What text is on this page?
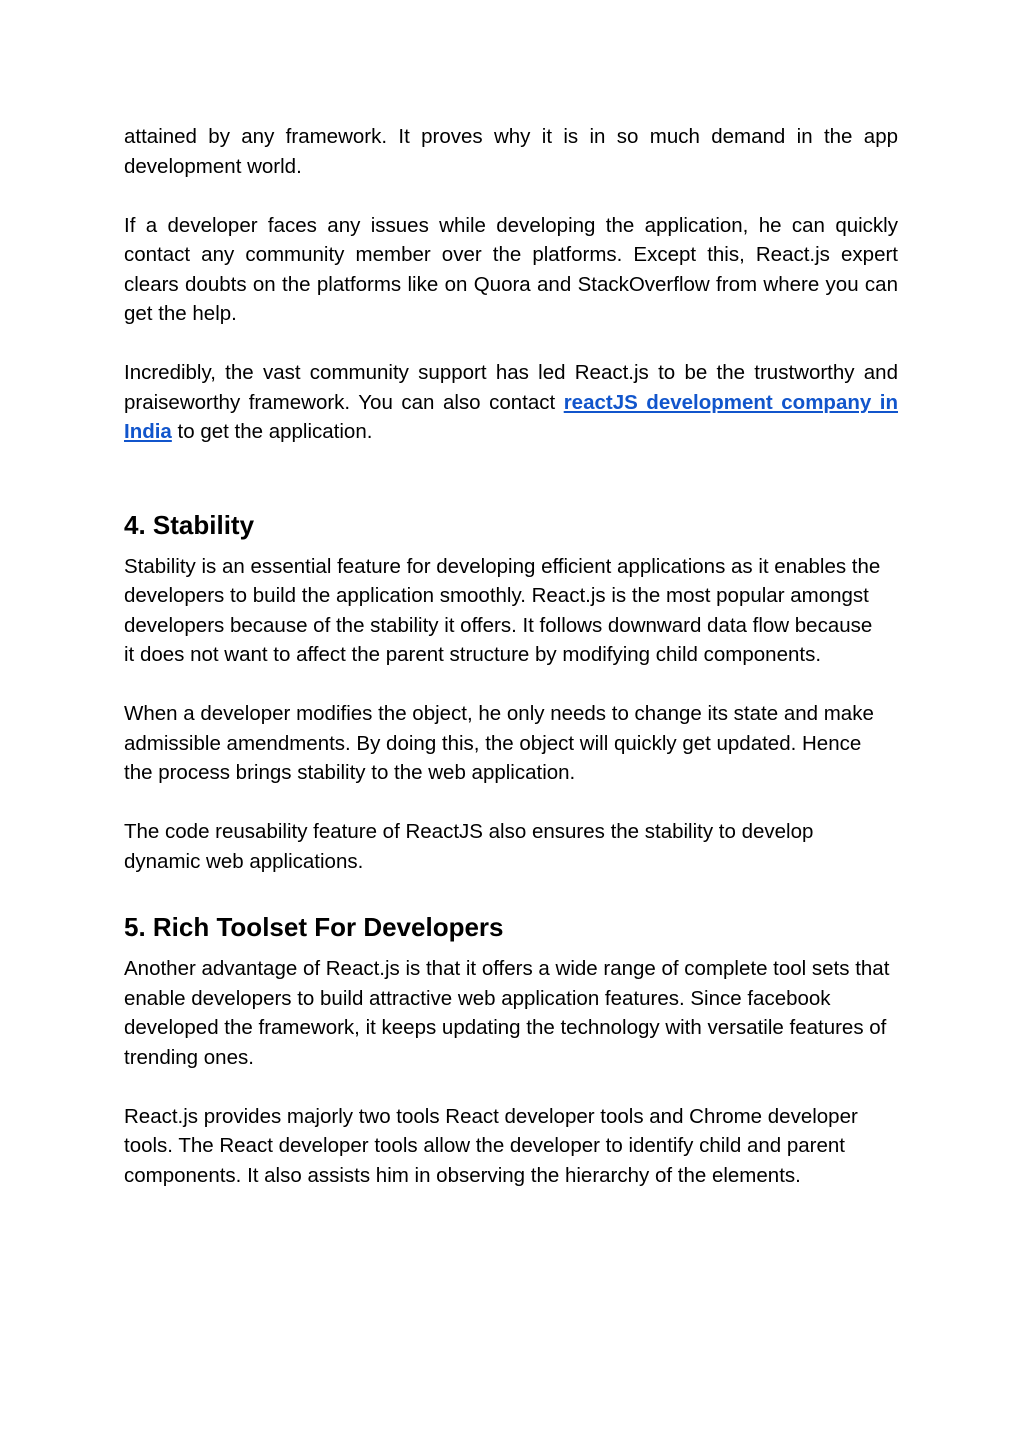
attained by any framework. It proves why it is in so much demand in the app development world.

If a developer faces any issues while developing the application, he can quickly contact any community member over the platforms. Except this, React.js expert clears doubts on the platforms like on Quora and StackOverflow from where you can get the help.

Incredibly, the vast community support has led React.js to be the trustworthy and praiseworthy framework. You can also contact reactJS development company in India to get the application.

4. Stability

Stability is an essential feature for developing efficient applications as it enables the developers to build the application smoothly. React.js is the most popular amongst developers because of the stability it offers. It follows downward data flow because it does not want to affect the parent structure by modifying child components.

When a developer modifies the object, he only needs to change its state and make admissible amendments. By doing this, the object will quickly get updated. Hence the process brings stability to the web application.

The code reusability feature of ReactJS also ensures the stability to develop dynamic web applications.

5. Rich Toolset For Developers

Another advantage of React.js is that it offers a wide range of complete tool sets that enable developers to build attractive web application features. Since facebook developed the framework, it keeps updating the technology with versatile features of trending ones.

React.js provides majorly two tools React developer tools and Chrome developer tools. The React developer tools allow the developer to identify child and parent components. It also assists him in observing the hierarchy of the elements.
